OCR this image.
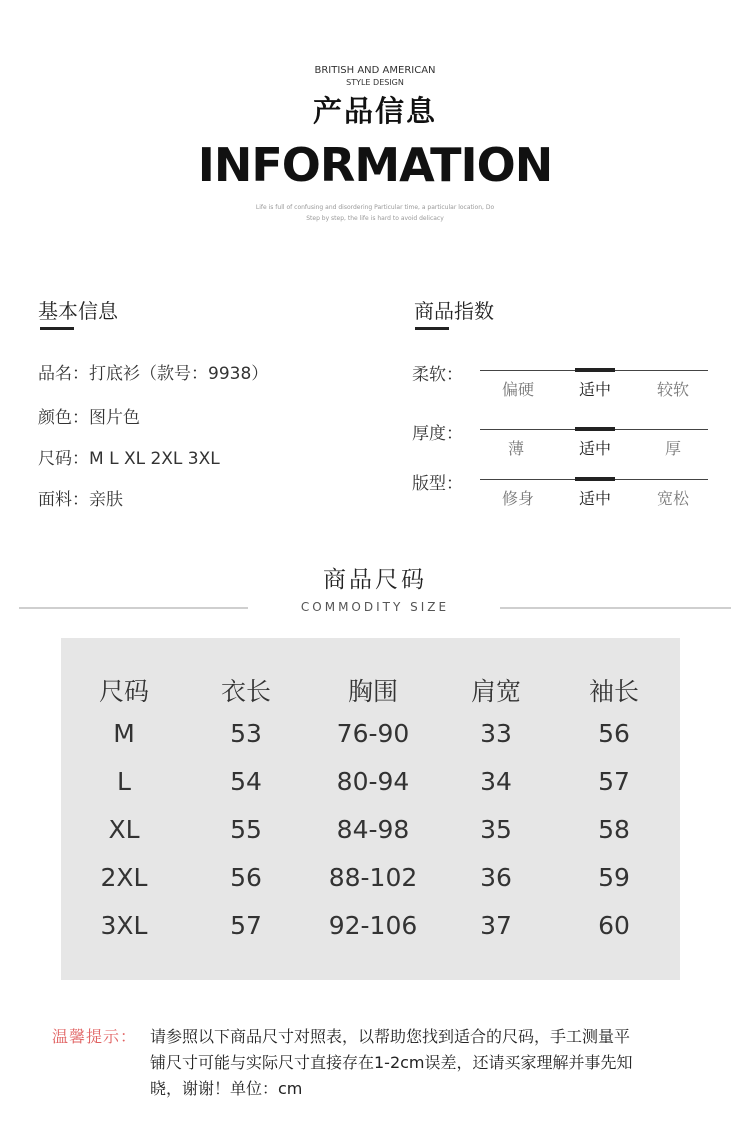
BRITISH AND AMERICAN
STYLE DESIGN
产品信息
INFORMATION
Life is full of confusing and disordering Particular time, a particular location, Do
Step by step, the life is hard to avoid delicacy
基本信息
品名：打底衫（款号：9938）
颜色：图片色
尺码：M L XL 2XL 3XL
面料：亲肤
商品指数
柔软：
偏硬	适中	较软
厚度：
薄	适中	厚
版型：
修身	适中	宽松
商品尺码
COMMODITY SIZE
尺码	衣长	胸围	肩宽	袖长
M	53	76-90	33	56
L	54	80-94	34	57
XL	55	84-98	35	58
2XL	56	88-102	36	59
3XL	57	92-106	37	60
温馨提示： 请参照以下商品尺寸对照表，以帮助您找到适合的尺码，手工测量平
铺尺寸可能与实际尺寸直接存在1-2cm误差，还请买家理解并事先知
晓，谢谢！单位：cm
